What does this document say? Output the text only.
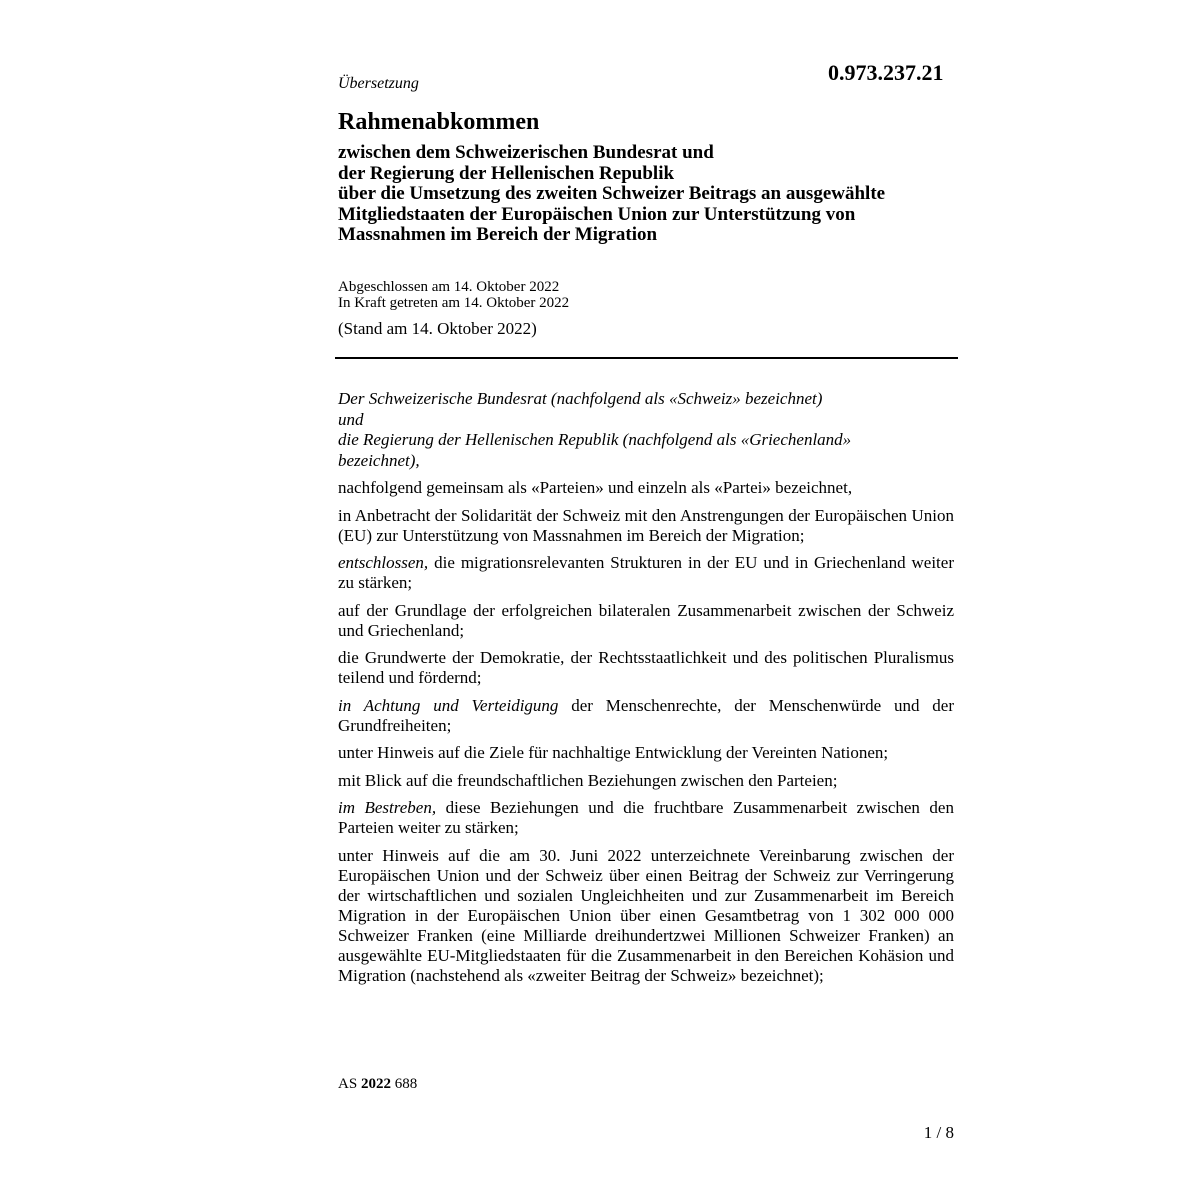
Übersetzung	0.973.237.21
Rahmenabkommen
zwischen dem Schweizerischen Bundesrat und
der Regierung der Hellenischen Republik
über die Umsetzung des zweiten Schweizer Beitrags an ausgewählte
Mitgliedstaaten der Europäischen Union zur Unterstützung von
Massnahmen im Bereich der Migration
Abgeschlossen am 14. Oktober 2022
In Kraft getreten am 14. Oktober 2022
(Stand am 14. Oktober 2022)
Der Schweizerische Bundesrat (nachfolgend als «Schweiz» bezeichnet)
und
die Regierung der Hellenischen Republik (nachfolgend als «Griechenland»
bezeichnet),

nachfolgend gemeinsam als «Parteien» und einzeln als «Partei» bezeichnet,

in Anbetracht der Solidarität der Schweiz mit den Anstrengungen der Europäischen Union (EU) zur Unterstützung von Massnahmen im Bereich der Migration;

entschlossen, die migrationsrelevanten Strukturen in der EU und in Griechenland weiter zu stärken;

auf der Grundlage der erfolgreichen bilateralen Zusammenarbeit zwischen der Schweiz und Griechenland;

die Grundwerte der Demokratie, der Rechtsstaatlichkeit und des politischen Pluralismus teilend und fördernd;

in Achtung und Verteidigung der Menschenrechte, der Menschenwürde und der Grundfreiheiten;

unter Hinweis auf die Ziele für nachhaltige Entwicklung der Vereinten Nationen;

mit Blick auf die freundschaftlichen Beziehungen zwischen den Parteien;

im Bestreben, diese Beziehungen und die fruchtbare Zusammenarbeit zwischen den Parteien weiter zu stärken;

unter Hinweis auf die am 30. Juni 2022 unterzeichnete Vereinbarung zwischen der Europäischen Union und der Schweiz über einen Beitrag der Schweiz zur Verringerung der wirtschaftlichen und sozialen Ungleichheiten und zur Zusammenarbeit im Bereich Migration in der Europäischen Union über einen Gesamtbetrag von 1 302 000 000 Schweizer Franken (eine Milliarde dreihundertzwei Millionen Schweizer Franken) an ausgewählte EU-Mitgliedstaaten für die Zusammenarbeit in den Bereichen Kohäsion und Migration (nachstehend als «zweiter Beitrag der Schweiz» bezeichnet);

AS 2022 688
1 / 8
